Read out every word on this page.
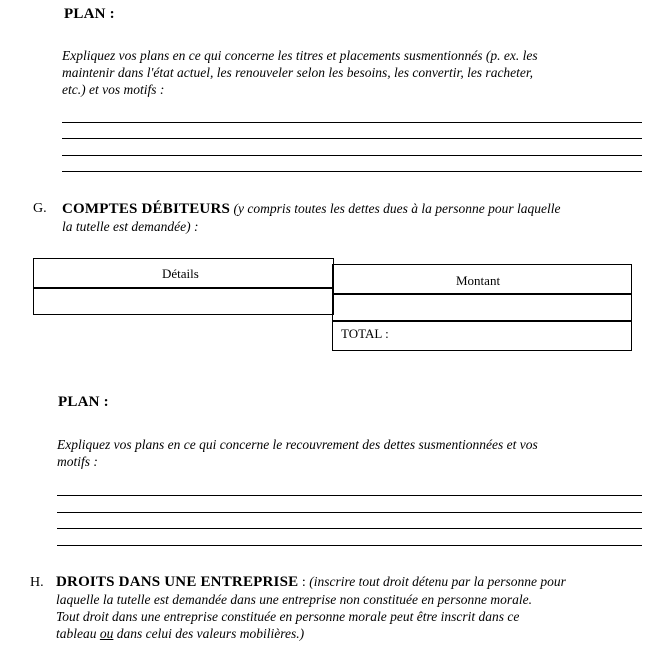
PLAN :
Expliquez vos plans en ce qui concerne les titres et placements susmentionnés (p. ex. les
maintenir dans l'état actuel, les renouveler selon les besoins, les convertir, les racheter,
etc.) et vos motifs :
G. COMPTES DÉBITEURS (y compris toutes les dettes dues à la personne pour laquelle
la tutelle est demandée) :
Détails	Montant
TOTAL :
PLAN :
Expliquez vos plans en ce qui concerne le recouvrement des dettes susmentionnées et vos
motifs :
H. DROITS DANS UNE ENTREPRISE : (inscrire tout droit détenu par la personne pour
laquelle la tutelle est demandée dans une entreprise non constituée en personne morale.
Tout droit dans une entreprise constituée en personne morale peut être inscrit dans ce
tableau ou dans celui des valeurs mobilières.)
